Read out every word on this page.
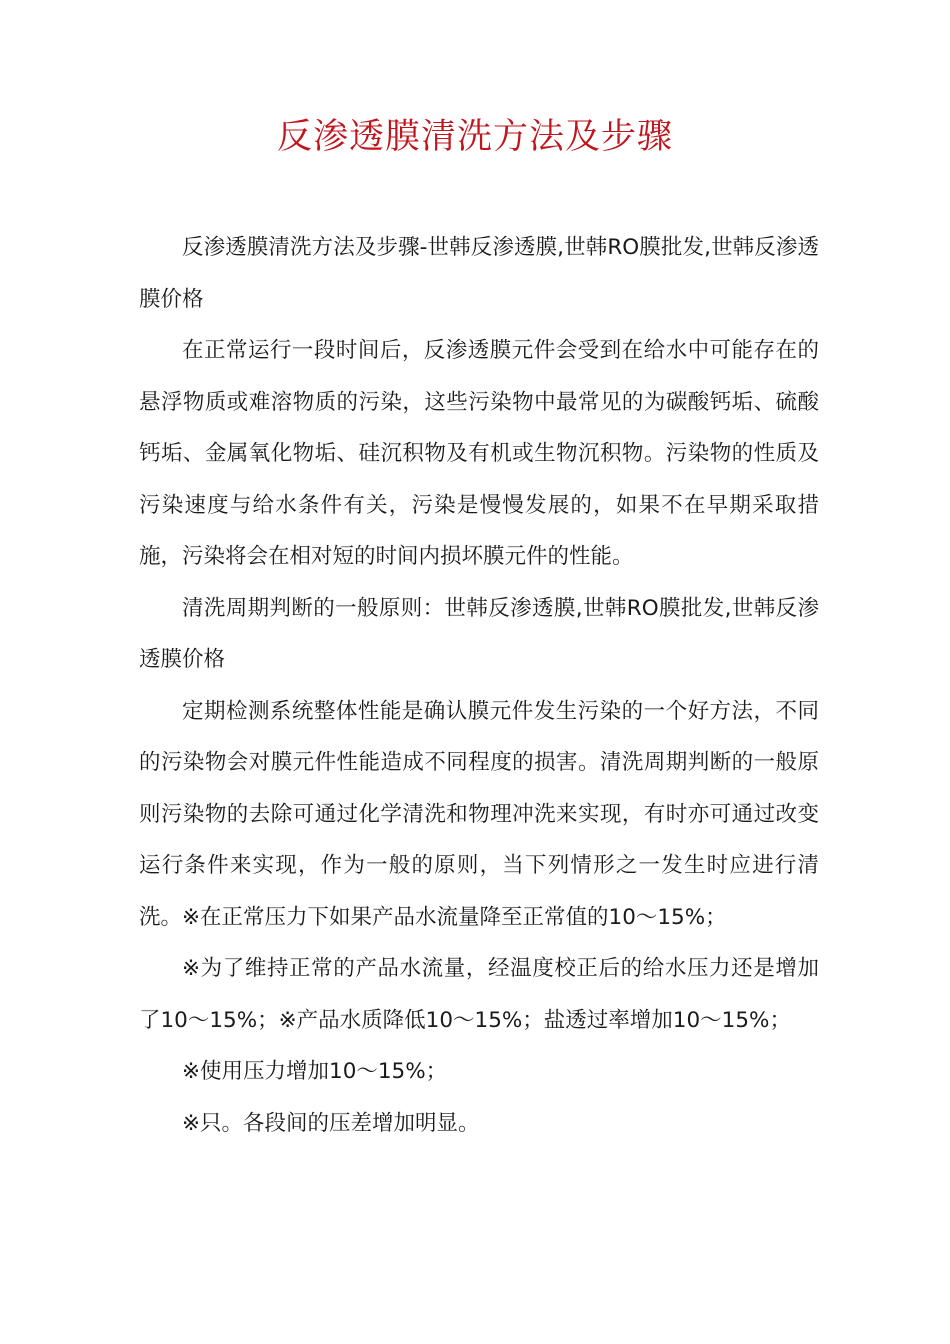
反渗透膜清洗方法及步骤

反渗透膜清洗方法及步骤-世韩反渗透膜,世韩RO膜批发,世韩反渗透膜价格

在正常运行一段时间后，反渗透膜元件会受到在给水中可能存在的悬浮物质或难溶物质的污染，这些污染物中最常见的为碳酸钙垢、硫酸钙垢、金属氧化物垢、硅沉积物及有机或生物沉积物。污染物的性质及污染速度与给水条件有关，污染是慢慢发展的，如果不在早期采取措施，污染将会在相对短的时间内损坏膜元件的性能。

清洗周期判断的一般原则：世韩反渗透膜,世韩RO膜批发,世韩反渗透膜价格

定期检测系统整体性能是确认膜元件发生污染的一个好方法，不同的污染物会对膜元件性能造成不同程度的损害。清洗周期判断的一般原则污染物的去除可通过化学清洗和物理冲洗来实现，有时亦可通过改变运行条件来实现，作为一般的原则，当下列情形之一发生时应进行清洗。※在正常压力下如果产品水流量降至正常值的10～15%；

※为了维持正常的产品水流量，经温度校正后的给水压力还是增加了10～15%；※产品水质降低10～15%；盐透过率增加10～15%；

※使用压力增加10～15%；

※只。各段间的压差增加明显。
